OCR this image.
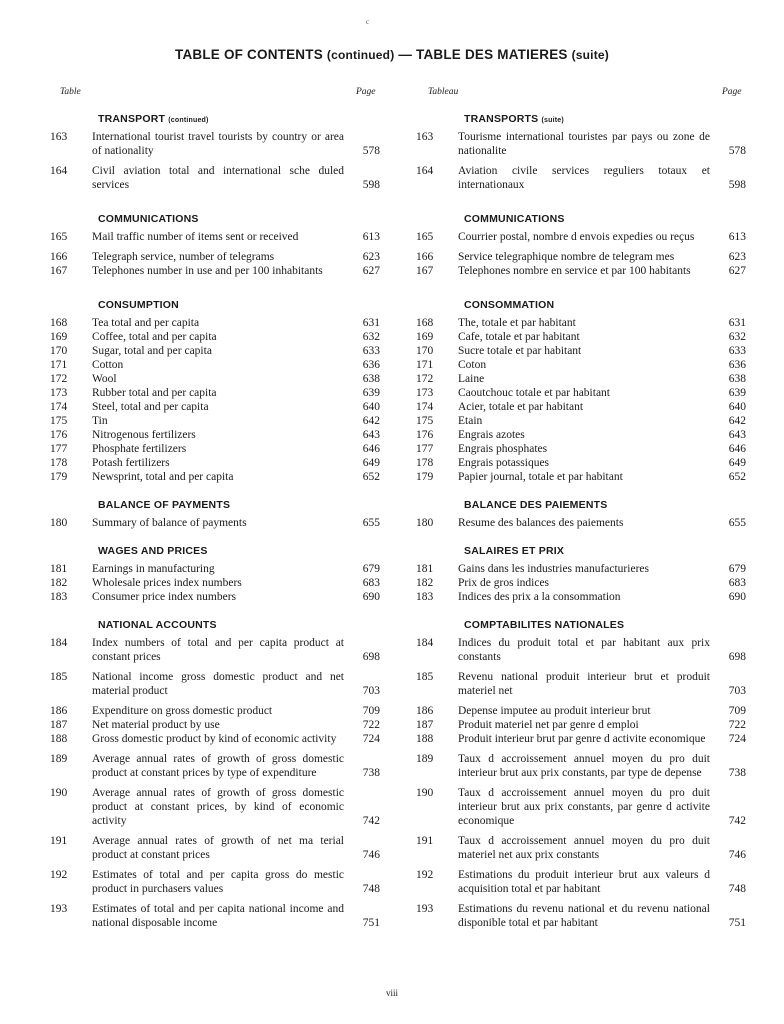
c
TABLE OF CONTENTS (continued) — TABLE DES MATIERES (suite)
Table	Page	Tableau	Page
TRANSPORT (continued)
163	International tourist travel tourists by country or area of nationality	578
164	Civil aviation total and international sche duled services	598
COMMUNICATIONS
165	Mail traffic number of items sent or received	613
166	Telegraph service, number of telegrams	623
167	Telephones number in use and per 100 inhabitants	627
CONSUMPTION
168	Tea total and per capita	631
169	Coffee, total and per capita	632
170	Sugar, total and per capita	633
171	Cotton	636
172	Wool	638
173	Rubber total and per capita	639
174	Steel, total and per capita	640
175	Tin	642
176	Nitrogenous fertilizers	643
177	Phosphate fertilizers	646
178	Potash fertilizers	649
179	Newsprint, total and per capita	652
BALANCE OF PAYMENTS
180	Summary of balance of payments	655
WAGES AND PRICES
181	Earnings in manufacturing	679
182	Wholesale prices index numbers	683
183	Consumer price index numbers	690
NATIONAL ACCOUNTS
184	Index numbers of total and per capita product at constant prices	698
185	National income gross domestic product and net material product	703
186	Expenditure on gross domestic product	709
187	Net material product by use	722
188	Gross domestic product by kind of economic activity	724
189	Average annual rates of growth of gross domestic product at constant prices by type of expenditure	738
190	Average annual rates of growth of gross domestic product at constant prices, by kind of economic activity	742
191	Average annual rates of growth of net ma terial product at constant prices	746
192	Estimates of total and per capita gross do mestic product in purchasers values	748
193	Estimates of total and per capita national income and national disposable income	751
TRANSPORTS (suite)
163	Tourisme international touristes par pays ou zone de nationalite	578
164	Aviation civile services reguliers totaux et internationaux	598
COMMUNICATIONS
165	Courrier postal, nombre d envois expedies ou reçus	613
166	Service telegraphique nombre de telegram mes	623
167	Telephones nombre en service et par 100 habitants	627
CONSOMMATION
168	The, totale et par habitant	631
169	Cafe, totale et par habitant	632
170	Sucre totale et par habitant	633
171	Coton	636
172	Laine	638
173	Caoutchouc totale et par habitant	639
174	Acier, totale et par habitant	640
175	Etain	642
176	Engrais azotes	643
177	Engrais phosphates	646
178	Engrais potassiques	649
179	Papier journal, totale et par habitant	652
BALANCE DES PAIEMENTS
180	Resume des balances des paiements	655
SALAIRES ET PRIX
181	Gains dans les industries manufacturieres	679
182	Prix de gros indices	683
183	Indices des prix a la consommation	690
COMPTABILITES NATIONALES
184	Indices du produit total et par habitant aux prix constants	698
185	Revenu national produit interieur brut et produit materiel net	703
186	Depense imputee au produit interieur brut	709
187	Produit materiel net par genre d emploi	722
188	Produit interieur brut par genre d activite economique	724
189	Taux d accroissement annuel moyen du pro duit interieur brut aux prix constants, par type de depense	738
190	Taux d accroissement annuel moyen du pro duit interieur brut aux prix constants, par genre d activite economique	742
191	Taux d accroissement annuel moyen du pro duit materiel net aux prix constants	746
192	Estimations du produit interieur brut aux valeurs d acquisition total et par habitant	748
193	Estimations du revenu national et du revenu national disponible total et par habitant	751
viii
